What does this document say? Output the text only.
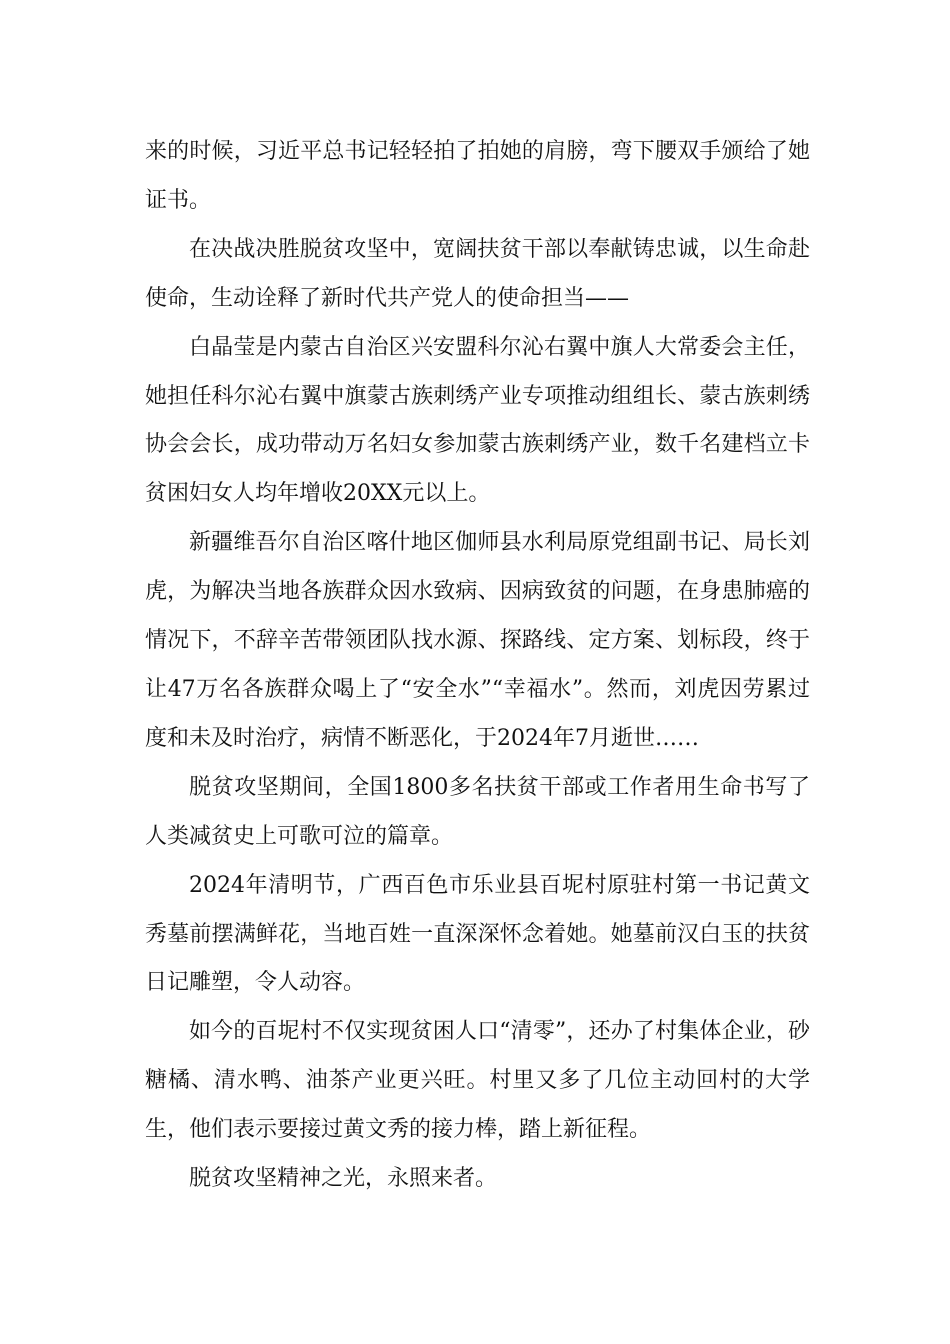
来的时候，习近平总书记轻轻拍了拍她的肩膀，弯下腰双手颁给了她证书。

在决战决胜脱贫攻坚中，宽阔扶贫干部以奉献铸忠诚，以生命赴使命，生动诠释了新时代共产党人的使命担当——

白晶莹是内蒙古自治区兴安盟科尔沁右翼中旗人大常委会主任，她担任科尔沁右翼中旗蒙古族刺绣产业专项推动组组长、蒙古族刺绣协会会长，成功带动万名妇女参加蒙古族刺绣产业，数千名建档立卡贫困妇女人均年增收20XX元以上。

新疆维吾尔自治区喀什地区伽师县水利局原党组副书记、局长刘虎，为解决当地各族群众因水致病、因病致贫的问题，在身患肺癌的情况下，不辞辛苦带领团队找水源、探路线、定方案、划标段，终于让47万名各族群众喝上了“安全水”“幸福水”。然而，刘虎因劳累过度和未及时治疗，病情不断恶化，于2024年7月逝世……

脱贫攻坚期间，全国1800多名扶贫干部或工作者用生命书写了人类减贫史上可歌可泣的篇章。

2024年清明节，广西百色市乐业县百坭村原驻村第一书记黄文秀墓前摆满鲜花，当地百姓一直深深怀念着她。她墓前汉白玉的扶贫日记雕塑，令人动容。

如今的百坭村不仅实现贫困人口“清零”，还办了村集体企业，砂糖橘、清水鸭、油茶产业更兴旺。村里又多了几位主动回村的大学生，他们表示要接过黄文秀的接力棒，踏上新征程。

脱贫攻坚精神之光，永照来者。
